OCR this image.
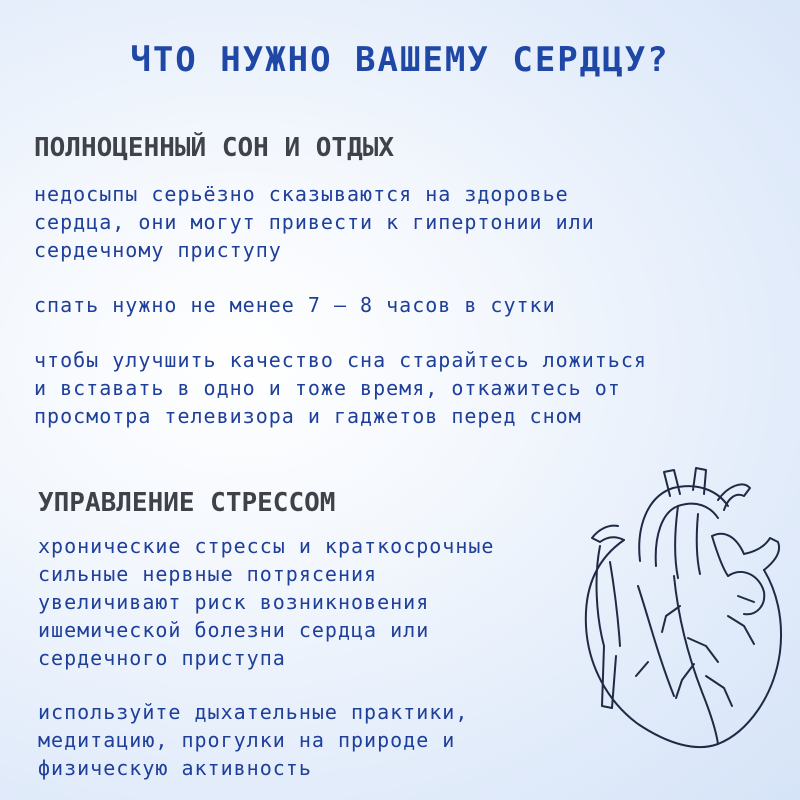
ЧТО НУЖНО ВАШЕМУ СЕРДЦУ?
ПОЛНОЦЕННЫЙ СОН И ОТДЫХ
недосыпы серьёзно сказываются на здоровье
сердца, они могут привести к гипертонии или
сердечному приступу
спать нужно не менее 7 – 8 часов в сутки
чтобы улучшить качество сна старайтесь ложиться
и вставать в одно и тоже время, откажитесь от
просмотра телевизора и гаджетов перед сном
УПРАВЛЕНИЕ СТРЕССОМ
хронические стрессы и краткосрочные
сильные нервные потрясения
увеличивают риск возникновения
ишемической болезни сердца или
сердечного приступа
используйте дыхательные практики,
медитацию, прогулки на природе и
физическую активность
